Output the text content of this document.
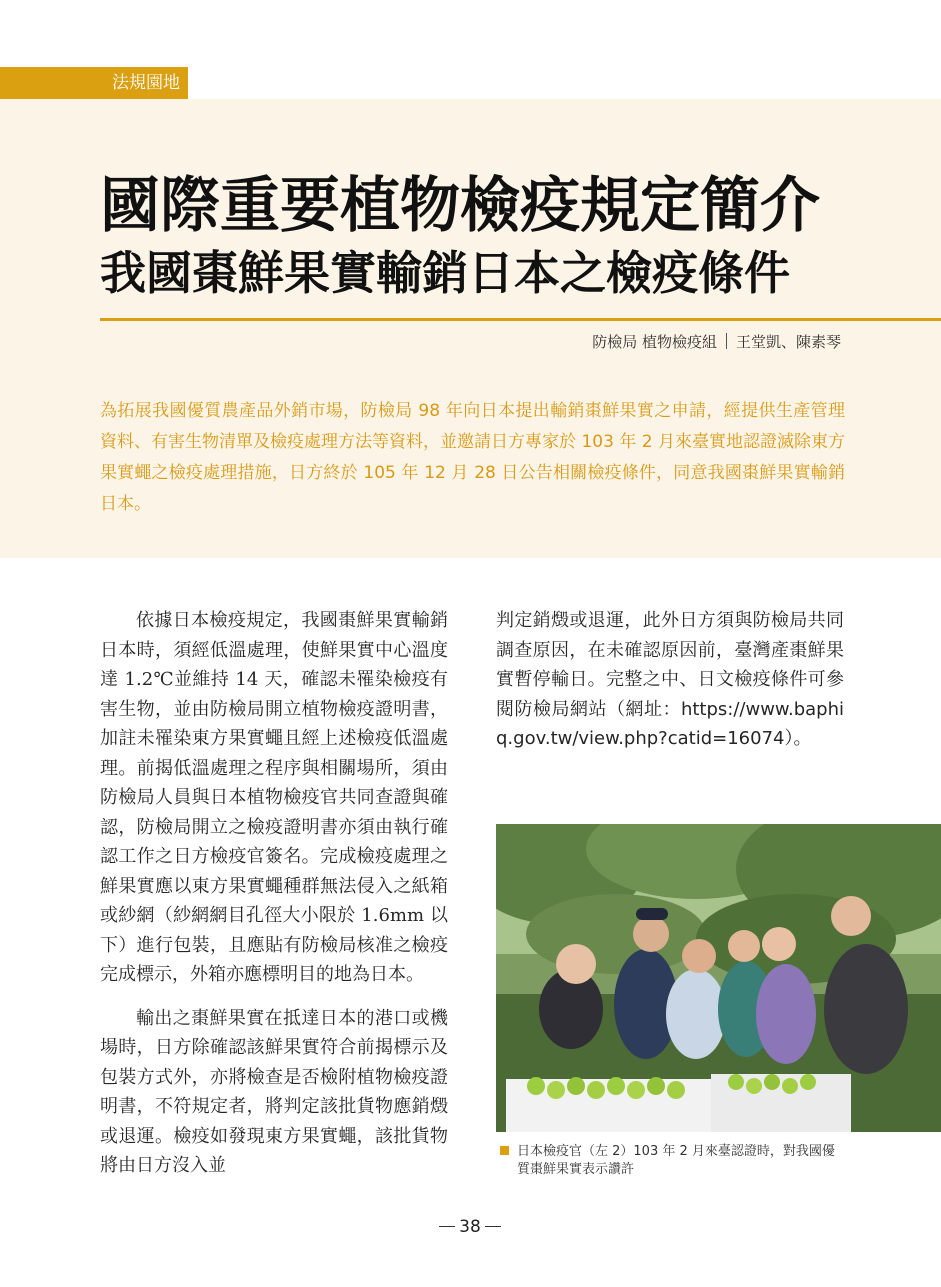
法規園地
國際重要植物檢疫規定簡介
我國棗鮮果實輸銷日本之檢疫條件
防檢局 植物檢疫組 王堂凱、陳素琴
為拓展我國優質農產品外銷市場，防檢局 98 年向日本提出輸銷棗鮮果實之申請，經提供生產管理資料、有害生物清單及檢疫處理方法等資料，並邀請日方專家於 103 年 2 月來臺實地認證滅除東方果實蠅之檢疫處理措施，日方終於 105 年 12 月 28 日公告相關檢疫條件，同意我國棗鮮果實輸銷日本。

依據日本檢疫規定，我國棗鮮果實輸銷日本時，須經低溫處理，使鮮果實中心溫度達 1.2℃並維持 14 天，確認未罹染檢疫有害生物，並由防檢局開立植物檢疫證明書，加註未罹染東方果實蠅且經上述檢疫低溫處理。前揭低溫處理之程序與相關場所，須由防檢局人員與日本植物檢疫官共同查證與確認，防檢局開立之檢疫證明書亦須由執行確認工作之日方檢疫官簽名。完成檢疫處理之鮮果實應以東方果實蠅種群無法侵入之紙箱或紗網（紗網網目孔徑大小限於 1.6mm 以下）進行包裝，且應貼有防檢局核准之檢疫完成標示，外箱亦應標明目的地為日本。

輸出之棗鮮果實在抵達日本的港口或機場時，日方除確認該鮮果實符合前揭標示及包裝方式外，亦將檢查是否檢附植物檢疫證明書，不符規定者，將判定該批貨物應銷燬或退運。檢疫如發現東方果實蠅，該批貨物將由日方沒入並

判定銷燬或退運，此外日方須與防檢局共同調查原因，在未確認原因前，臺灣產棗鮮果實暫停輸日。完整之中、日文檢疫條件可參閱防檢局網站（網址：https://www.baphiq.gov.tw/view.php?catid=16074）。

日本檢疫官（左 2）103 年 2 月來臺認證時，對我國優質棗鮮果實表示讚許
38
